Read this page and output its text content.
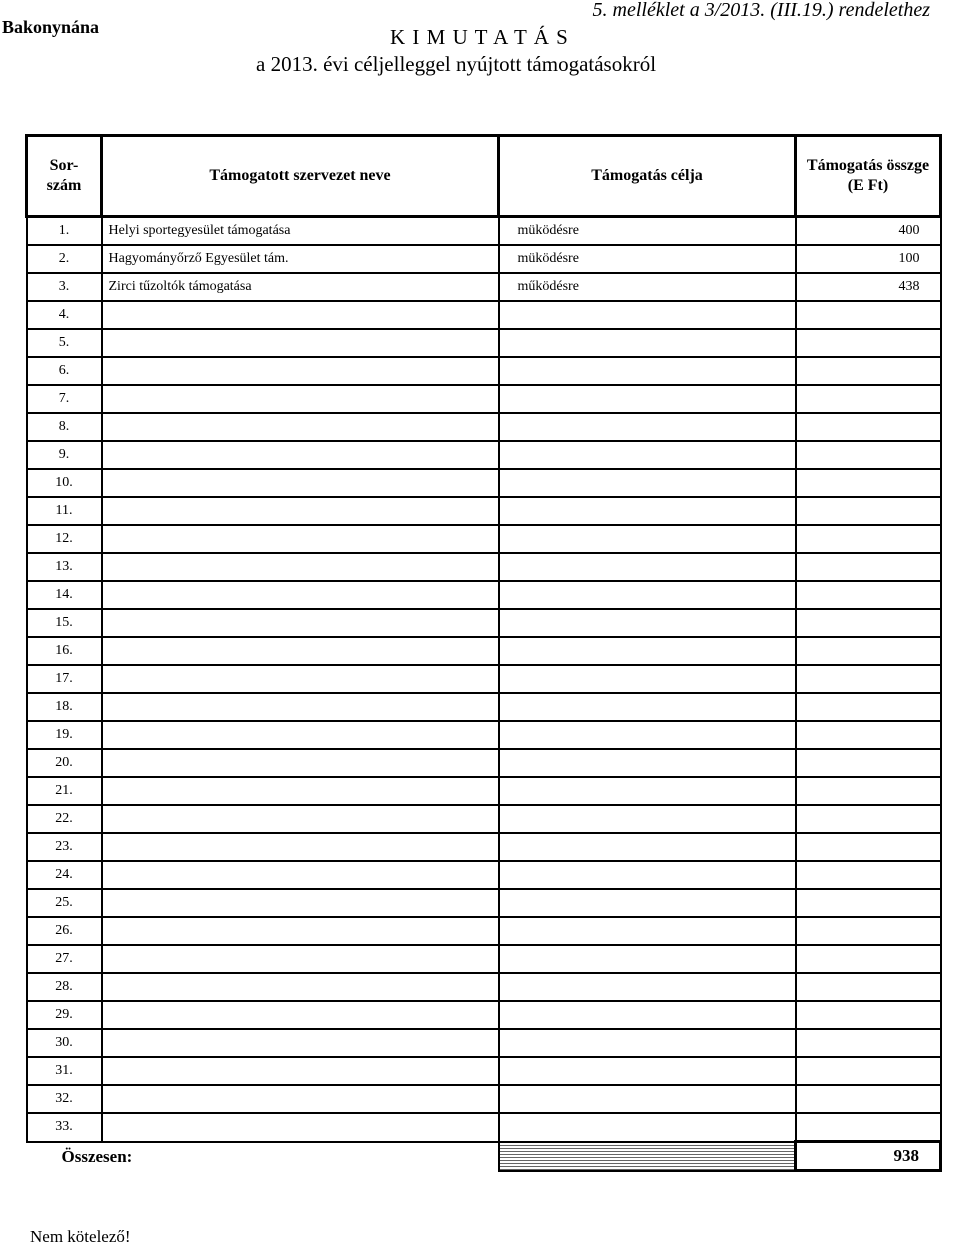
Bakonynána
5. melléklet a 3/2013. (III.19.) rendelethez
K I M U T A T Á S
a 2013. évi céljelleggel nyújtott támogatásokról
Sor-
szám	Támogatott szervezet neve	Támogatás célja	Támogatás összge
(E Ft)
1.	Helyi sportegyesület támogatása	müködésre	400
2.	Hagyományőrző Egyesület tám.	müködésre	100
3.	Zirci tűzoltók támogatása	működésre	438
4.			
5.			
6.			
7.			
8.			
9.			
10.			
11.			
12.			
13.			
14.			
15.			
16.			
17.			
18.			
19.			
20.			
21.			
22.			
23.			
24.			
25.			
26.			
27.			
28.			
29.			
30.			
31.			
32.			
33.			
Összesen:			938
Nem kötelező!
